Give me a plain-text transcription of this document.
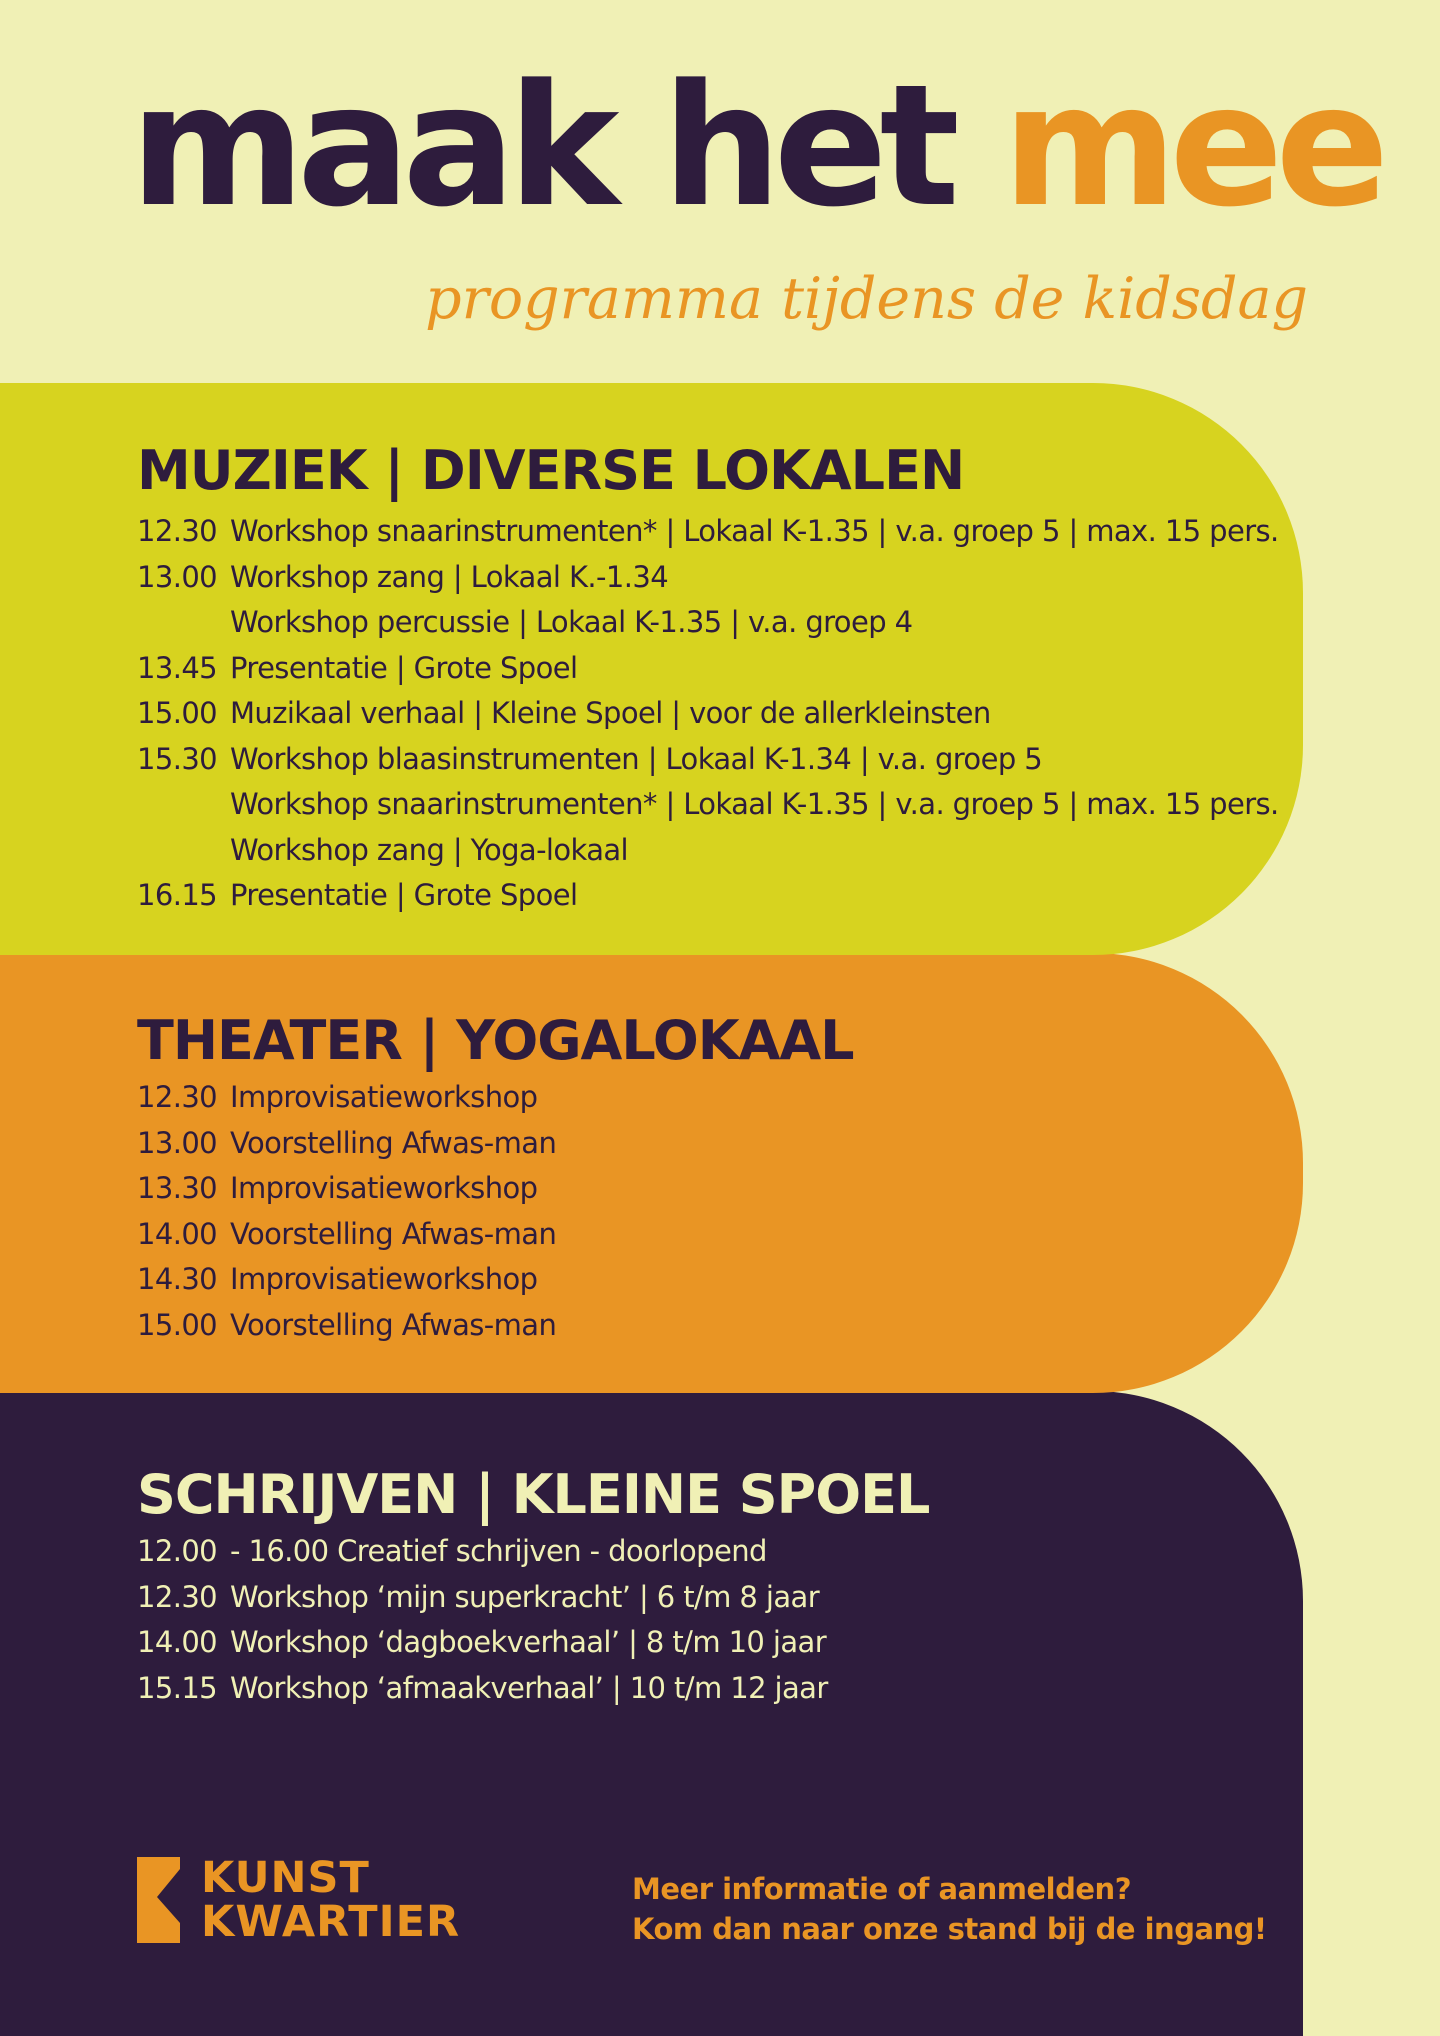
maak het mee
programma tijdens de kidsdag
MUZIEK | DIVERSE LOKALEN
12.30 Workshop snaarinstrumenten* | Lokaal K-1.35 | v.a. groep 5 | max. 15 pers.
13.00 Workshop zang | Lokaal K.-1.34
Workshop percussie | Lokaal K-1.35 | v.a. groep 4
13.45 Presentatie | Grote Spoel
15.00 Muzikaal verhaal | Kleine Spoel | voor de allerkleinsten
15.30 Workshop blaasinstrumenten | Lokaal K-1.34 | v.a. groep 5
Workshop snaarinstrumenten* | Lokaal K-1.35 | v.a. groep 5 | max. 15 pers.
Workshop zang | Yoga-lokaal
16.15 Presentatie | Grote Spoel
THEATER | YOGALOKAAL
12.30 Improvisatieworkshop
13.00 Voorstelling Afwas-man
13.30 Improvisatieworkshop
14.00 Voorstelling Afwas-man
14.30 Improvisatieworkshop
15.00 Voorstelling Afwas-man
SCHRIJVEN | KLEINE SPOEL
12.00 - 16.00 Creatief schrijven - doorlopend
12.30 Workshop ‘mijn superkracht’ | 6 t/m 8 jaar
14.00 Workshop ‘dagboekverhaal’ | 8 t/m 10 jaar
15.15 Workshop ‘afmaakverhaal’ | 10 t/m 12 jaar
KUNST
KWARTIER
Meer informatie of aanmelden?
Kom dan naar onze stand bij de ingang!
